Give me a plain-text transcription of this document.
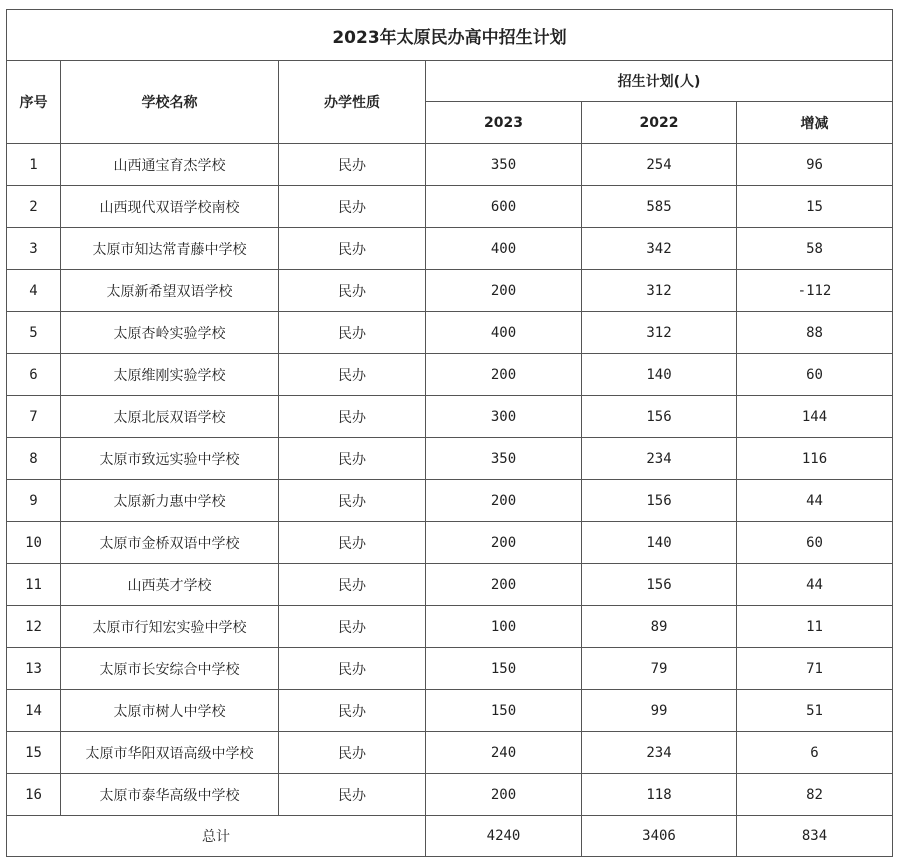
2023年太原民办高中招生计划					
序号	学校名称	办学性质	招生计划(人)		
			2023	2022	增减
1	山西通宝育杰学校	民办	350	254	96
2	山西现代双语学校南校	民办	600	585	15
3	太原市知达常青藤中学校	民办	400	342	58
4	太原新希望双语学校	民办	200	312	-112
5	太原杏岭实验学校	民办	400	312	88
6	太原维刚实验学校	民办	200	140	60
7	太原北辰双语学校	民办	300	156	144
8	太原市致远实验中学校	民办	350	234	116
9	太原新力惠中学校	民办	200	156	44
10	太原市金桥双语中学校	民办	200	140	60
11	山西英才学校	民办	200	156	44
12	太原市行知宏实验中学校	民办	100	89	11
13	太原市长安综合中学校	民办	150	79	71
14	太原市树人中学校	民办	150	99	51
15	太原市华阳双语高级中学校	民办	240	234	6
16	太原市泰华高级中学校	民办	200	118	82
总计			4240	3406	834
